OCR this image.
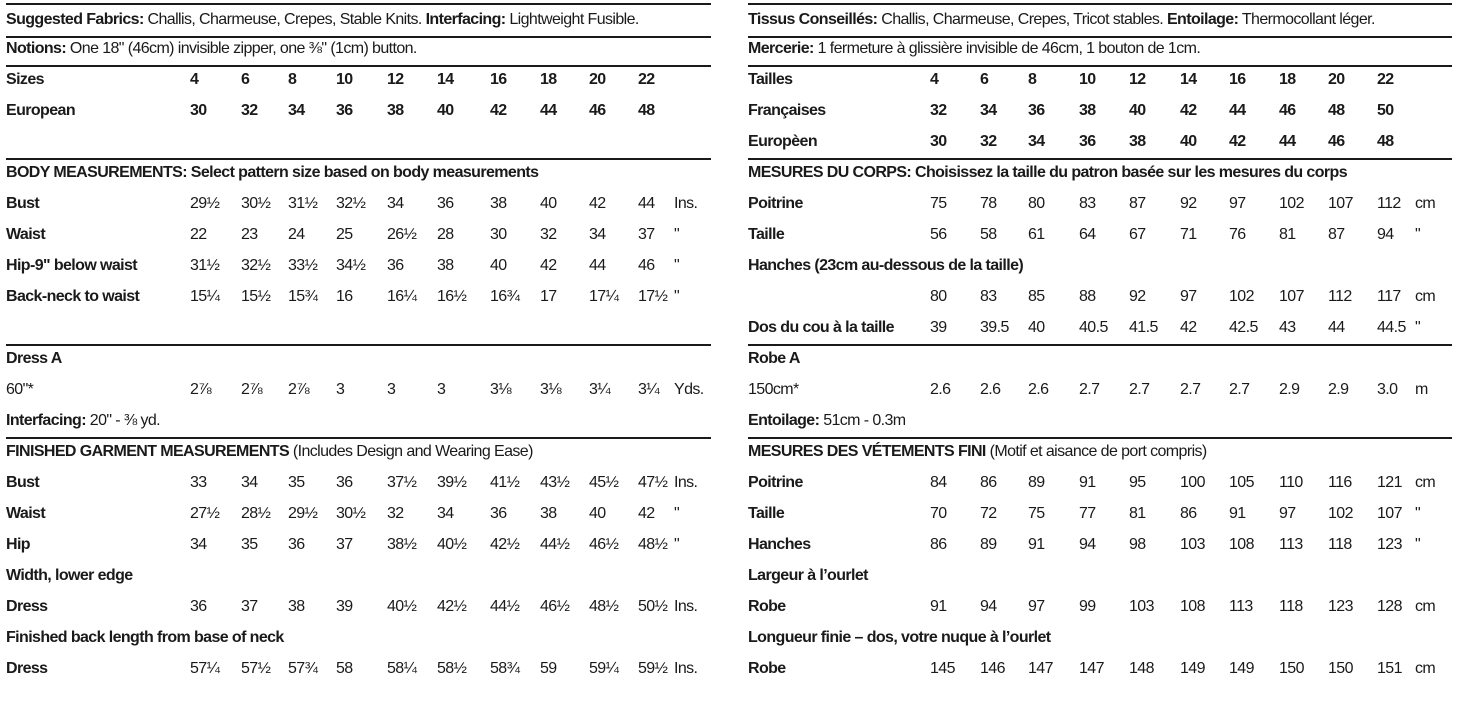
Suggested Fabrics: Challis, Charmeuse, Crepes, Stable Knits. Interfacing: Lightweight Fusible.
Notions: One 18" (46cm) invisible zipper, one ⅜" (1cm) button.
Sizes	4	6 8 10 12 14 16 18 20 22
European	30 32 34 36 38 40 42 44 46 48
BODY MEASUREMENTS: Select pattern size based on body measurements
Bust	29½ 30½ 31½ 32½ 34 36 38 40 42 44 Ins.
Waist	22 23 24 25 26½ 28 30 32 34 37 "
Hip-9" below waist	31½ 32½ 33½ 34½ 36 38 40 42 44 46 "
Back-neck to waist	15¼ 15½ 15¾ 16 16¼ 16½ 16¾ 17 17¼ 17½ "
Dress A
60"*	2⅞ 2⅞ 2⅞ 3	3	3	3⅛ 3⅛ 3¼ 3¼ Yds.
Interfacing: 20" - ⅜ yd.
FINISHED GARMENT MEASUREMENTS (Includes Design and Wearing Ease)
Bust	33 34 35 36 37½ 39½ 41½ 43½ 45½ 47½ Ins.
Waist	27½ 28½ 29½ 30½ 32 34 36 38 40 42 "
Hip	34 35 36 37 38½ 40½ 42½ 44½ 46½ 48½ "
Width, lower edge
Dress	36 37 38 39 40½ 42½ 44½ 46½ 48½ 50½ Ins.
Finished back length from base of neck
Dress	57¼ 57½ 57¾ 58 58¼ 58½ 58¾ 59 59¼ 59½ Ins.
Tissus Conseillés: Challis, Charmeuse, Crepes, Tricot stables. Entoilage: Thermocollant léger.
Mercerie: 1 fermeture à glissière invisible de 46cm, 1 bouton de 1cm.
Tailles	4	6 8	10 12 14 16 18 20 22
Françaises	32 34 36 38 40 42 44 46 48 50
Europèen	30 32 34 36 38 40 42 44 46 48
MESURES DU CORPS: Choisissez la taille du patron basée sur les mesures du corps
Poitrine	75 78 80 83 87 92 97 102 107 112 cm
Taille	56 58 61 64 67 71 76 81 87 94 "
Hanches (23cm au-dessous de la taille)
80 83 85 88 92 97 102 107 112 117 cm
Dos du cou à la taille 39 39.5 40 40.5 41.5 42 42.5 43 44 44.5 "
Robe A
150cm*	2.6 2.6 2.6 2.7 2.7 2.7 2.7 2.9 2.9 3.0 m
Entoilage: 51cm - 0.3m
MESURES DES VÉTEMENTS FINI (Motif et aisance de port compris)
Poitrine	84 86 89 91 95 100 105 110 116 121 cm
Taille	70 72 75 77 81 86 91 97 102 107 "
Hanches	86 89 91 94 98 103 108 113 118 123 "
Largeur à l’ourlet
Robe	91 94 97 99 103 108 113 118 123 128 cm
Longueur finie – dos, votre nuque à l’ourlet
Robe	145 146 147 147 148 149 149 150 150 151 cm
